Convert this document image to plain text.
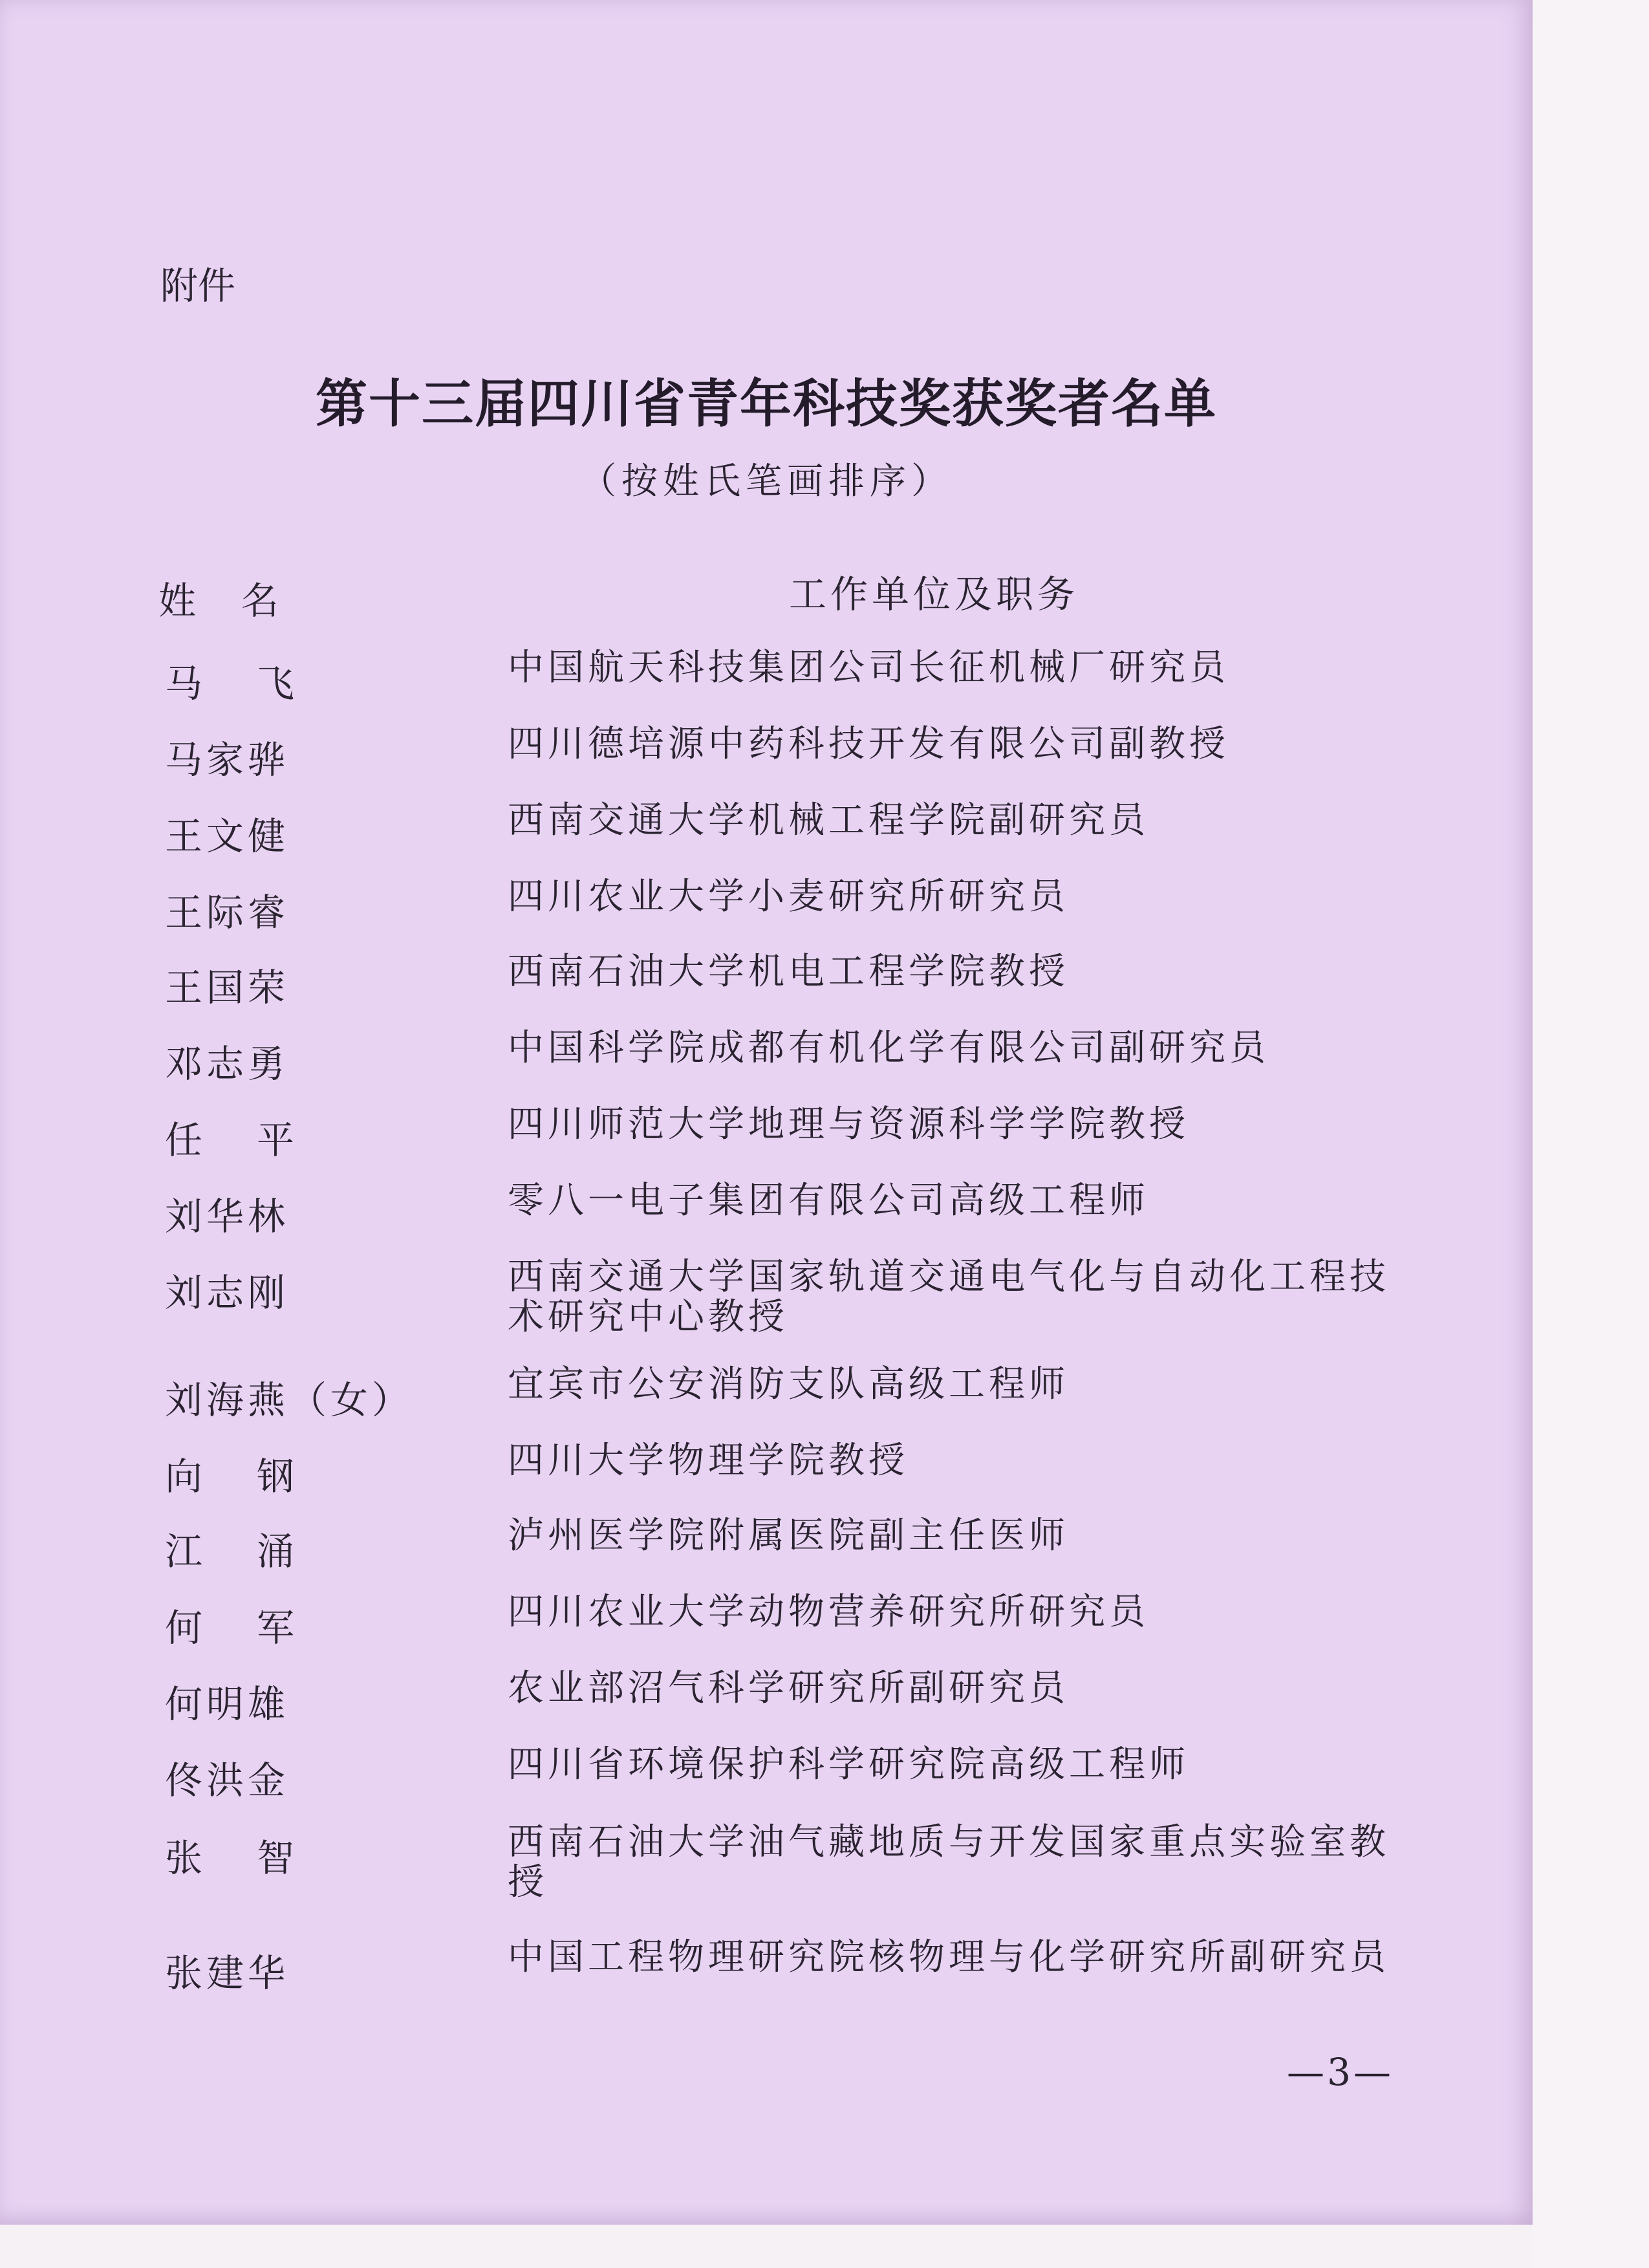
附件
第十三届四川省青年科技奖获奖者名单
（按姓氏笔画排序）
姓名	工作单位及职务
马飞	中国航天科技集团公司长征机械厂研究员
马家骅	四川德培源中药科技开发有限公司副教授
王文健	西南交通大学机械工程学院副研究员
王际睿	四川农业大学小麦研究所研究员
王国荣	西南石油大学机电工程学院教授
邓志勇	中国科学院成都有机化学有限公司副研究员
任平	四川师范大学地理与资源科学学院教授
刘华林	零八一电子集团有限公司高级工程师
刘志刚	西南交通大学国家轨道交通电气化与自动化工程技术研究中心教授
刘海燕（女）	宜宾市公安消防支队高级工程师
向钢	四川大学物理学院教授
江涌	泸州医学院附属医院副主任医师
何军	四川农业大学动物营养研究所研究员
何明雄	农业部沼气科学研究所副研究员
佟洪金	四川省环境保护科学研究院高级工程师
张智	西南石油大学油气藏地质与开发国家重点实验室教授
张建华	中国工程物理研究院核物理与化学研究所副研究员
—3—
